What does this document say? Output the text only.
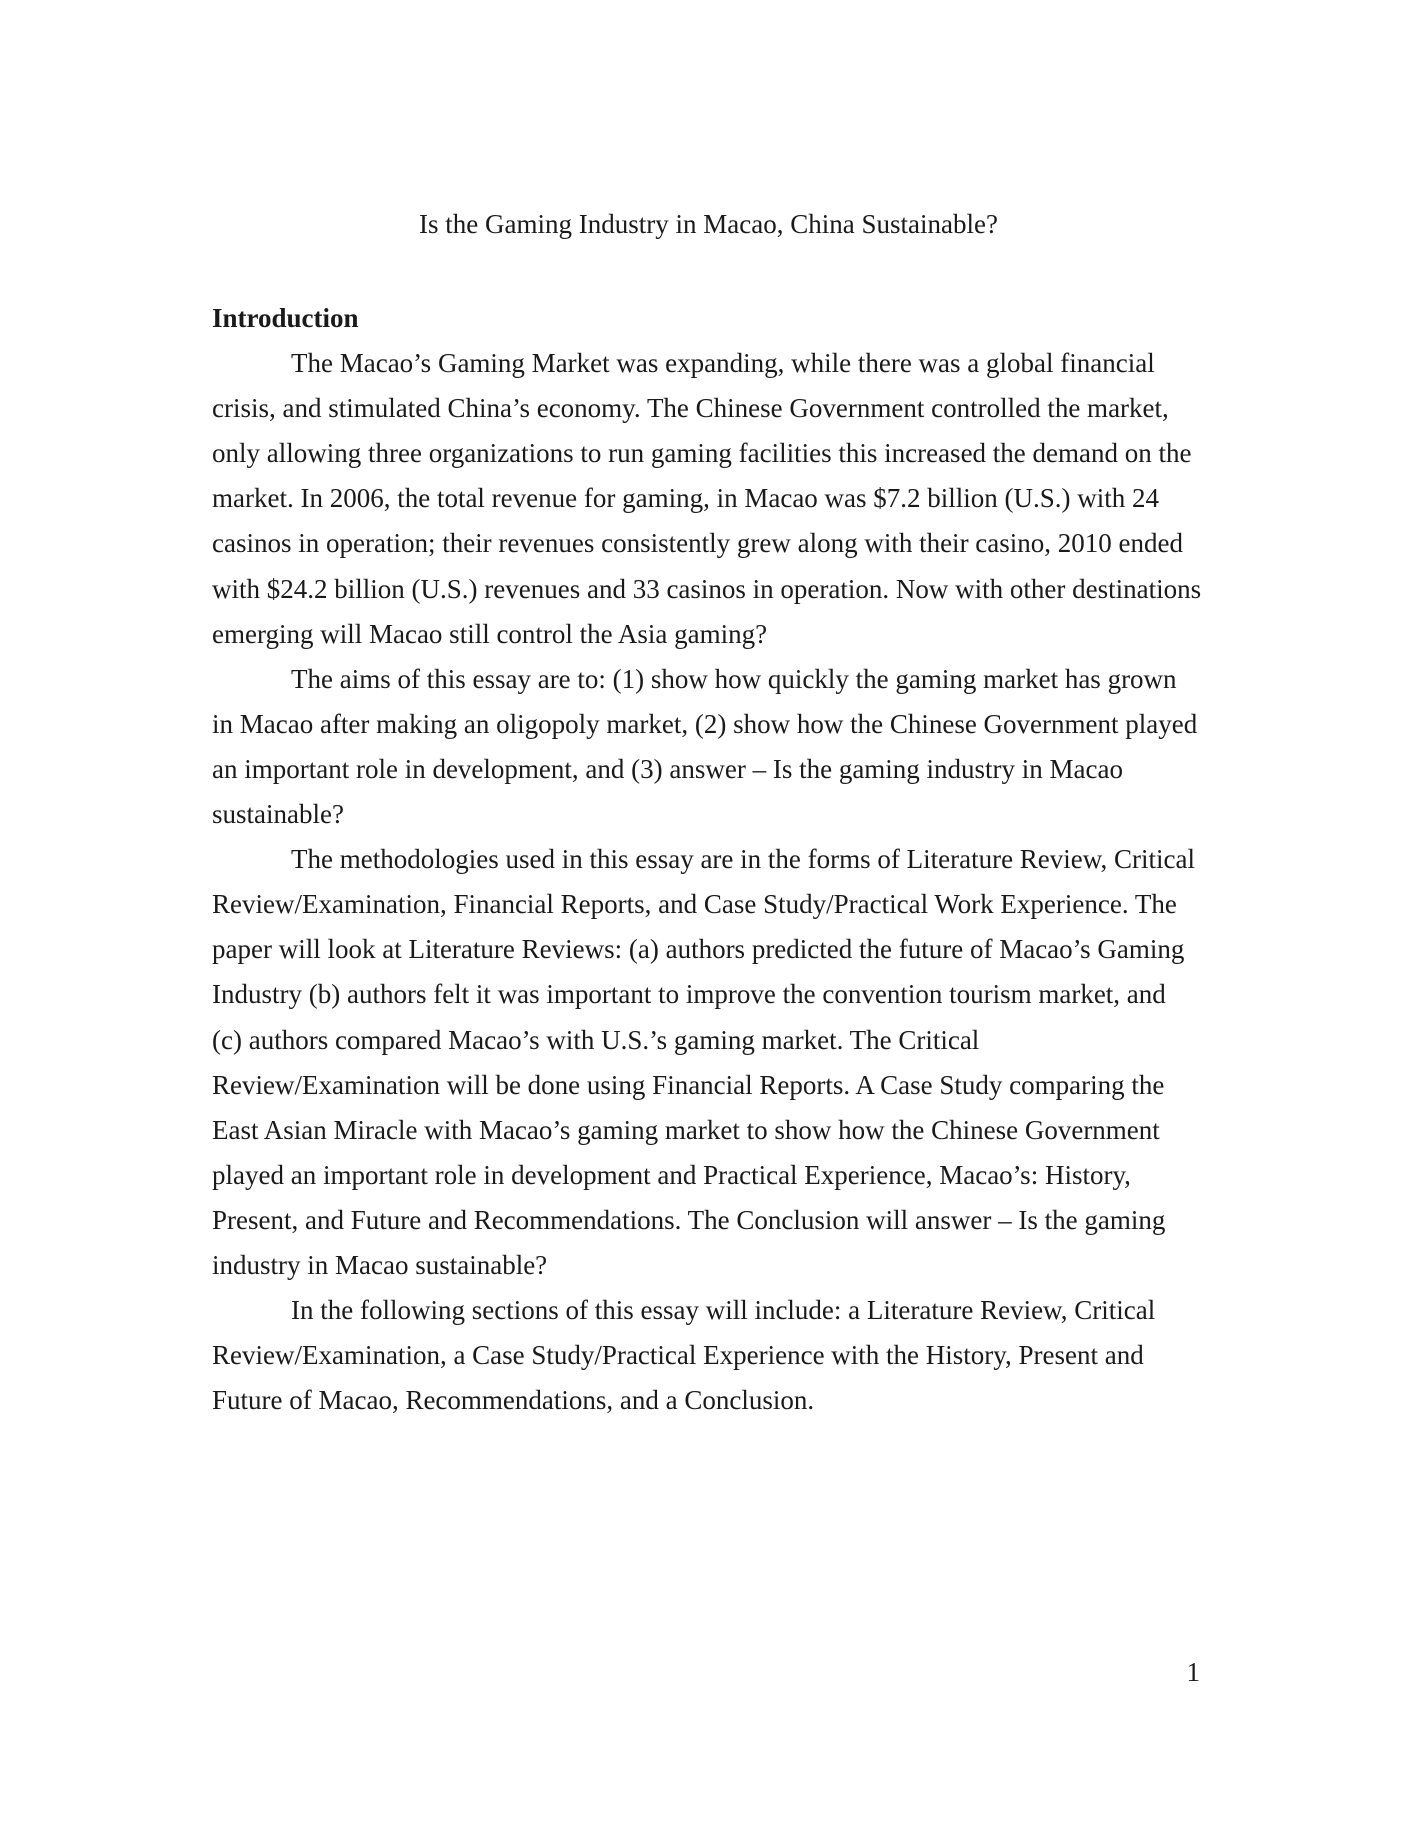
Is the Gaming Industry in Macao, China Sustainable?

Introduction

The Macao’s Gaming Market was expanding, while there was a global financial crisis, and stimulated China’s economy. The Chinese Government controlled the market, only allowing three organizations to run gaming facilities this increased the demand on the market. In 2006, the total revenue for gaming, in Macao was $7.2 billion (U.S.) with 24 casinos in operation; their revenues consistently grew along with their casino, 2010 ended with $24.2 billion (U.S.) revenues and 33 casinos in operation. Now with other destinations emerging will Macao still control the Asia gaming?

The aims of this essay are to: (1) show how quickly the gaming market has grown in Macao after making an oligopoly market, (2) show how the Chinese Government played an important role in development, and (3) answer – Is the gaming industry in Macao sustainable?

The methodologies used in this essay are in the forms of Literature Review, Critical Review/Examination, Financial Reports, and Case Study/Practical Work Experience. The paper will look at Literature Reviews: (a) authors predicted the future of Macao’s Gaming Industry (b) authors felt it was important to improve the convention tourism market, and (c) authors compared Macao’s with U.S.’s gaming market. The Critical Review/Examination will be done using Financial Reports. A Case Study comparing the East Asian Miracle with Macao’s gaming market to show how the Chinese Government played an important role in development and Practical Experience, Macao’s: History, Present, and Future and Recommendations. The Conclusion will answer – Is the gaming industry in Macao sustainable?

In the following sections of this essay will include: a Literature Review, Critical Review/Examination, a Case Study/Practical Experience with the History, Present and Future of Macao, Recommendations, and a Conclusion.

1
